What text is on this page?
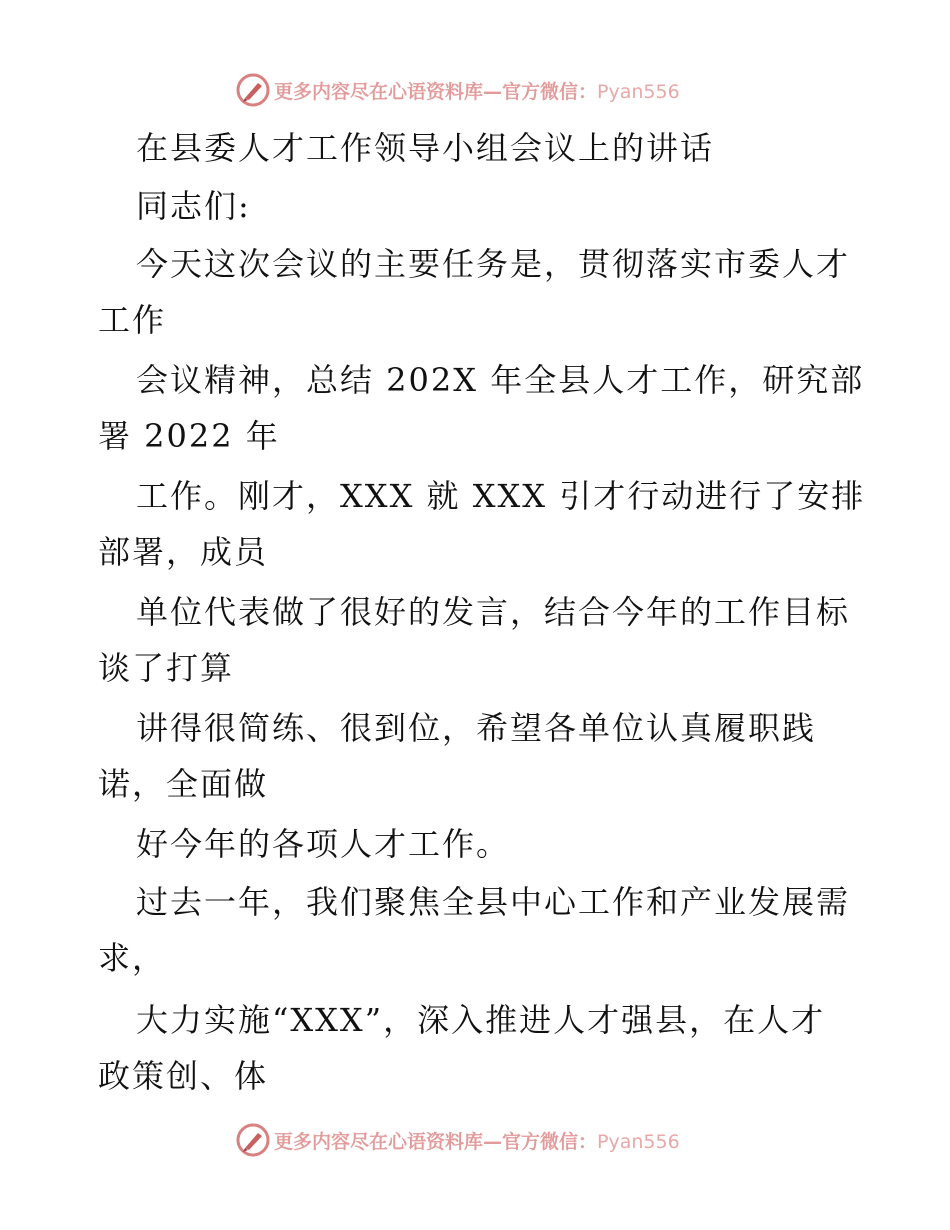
更多内容尽在心语资料库—官方微信：Pyan556
在县委人才工作领导小组会议上的讲话
同志们:
今天这次会议的主要任务是，贯彻落实市委人才
工作
会议精神，总结 202X 年全县人才工作，研究部
署 2022 年
工作。刚才，XXX 就 XXX 引才行动进行了安排
部署，成员
单位代表做了很好的发言，结合今年的工作目标
谈了打算
讲得很简练、很到位，希望各单位认真履职践
诺，全面做
好今年的各项人才工作。
过去一年，我们聚焦全县中心工作和产业发展需
求，
大力实施“XXX”，深入推进人才强县，在人才
政策创、体
更多内容尽在心语资料库—官方微信：Pyan556
